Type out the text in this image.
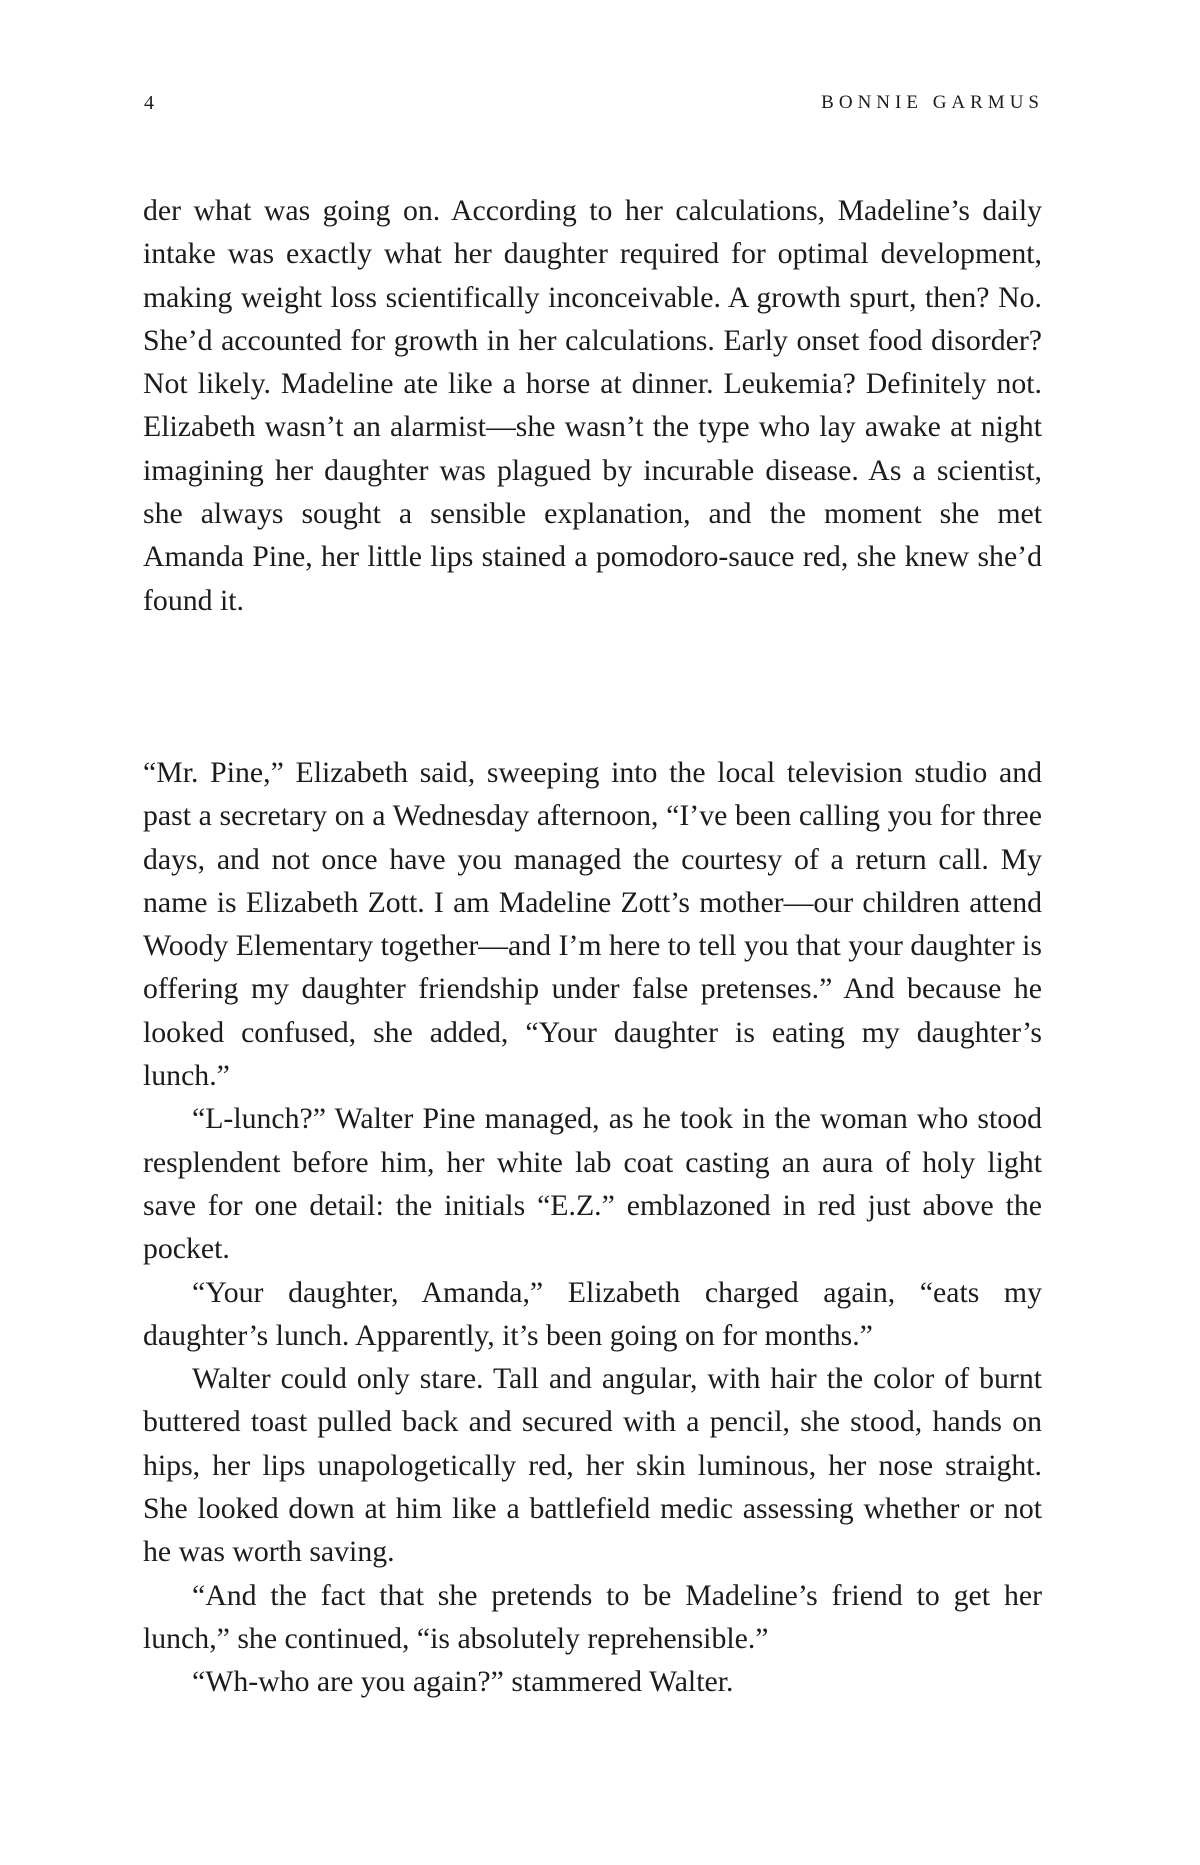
4	BONNIE GARMUS

der what was going on. According to her calculations, Madeline’s daily intake was exactly what her daughter required for optimal development, making weight loss scientifically inconceivable. A growth spurt, then? No. She’d accounted for growth in her calculations. Early onset food disorder? Not likely. Madeline ate like a horse at dinner. Leukemia? Definitely not. Elizabeth wasn’t an alarmist—she wasn’t the type who lay awake at night imagining her daughter was plagued by incurable disease. As a scientist, she always sought a sensible explanation, and the moment she met Amanda Pine, her little lips stained a pomodoro-sauce red, she knew she’d found it.

“Mr. Pine,” Elizabeth said, sweeping into the local television studio and past a secretary on a Wednesday afternoon, “I’ve been calling you for three days, and not once have you managed the courtesy of a return call. My name is Elizabeth Zott. I am Madeline Zott’s mother—our children attend Woody Elementary together—and I’m here to tell you that your daughter is offering my daughter friendship under false pretenses.” And because he looked confused, she added, “Your daughter is eating my daughter’s lunch.”

“L-lunch?” Walter Pine managed, as he took in the woman who stood resplendent before him, her white lab coat casting an aura of holy light save for one detail: the initials “E.Z.” emblazoned in red just above the pocket.

“Your daughter, Amanda,” Elizabeth charged again, “eats my daughter’s lunch. Apparently, it’s been going on for months.”

Walter could only stare. Tall and angular, with hair the color of burnt buttered toast pulled back and secured with a pencil, she stood, hands on hips, her lips unapologetically red, her skin luminous, her nose straight. She looked down at him like a battlefield medic assessing whether or not he was worth saving.

“And the fact that she pretends to be Madeline’s friend to get her lunch,” she continued, “is absolutely reprehensible.”

“Wh-who are you again?” stammered Walter.
